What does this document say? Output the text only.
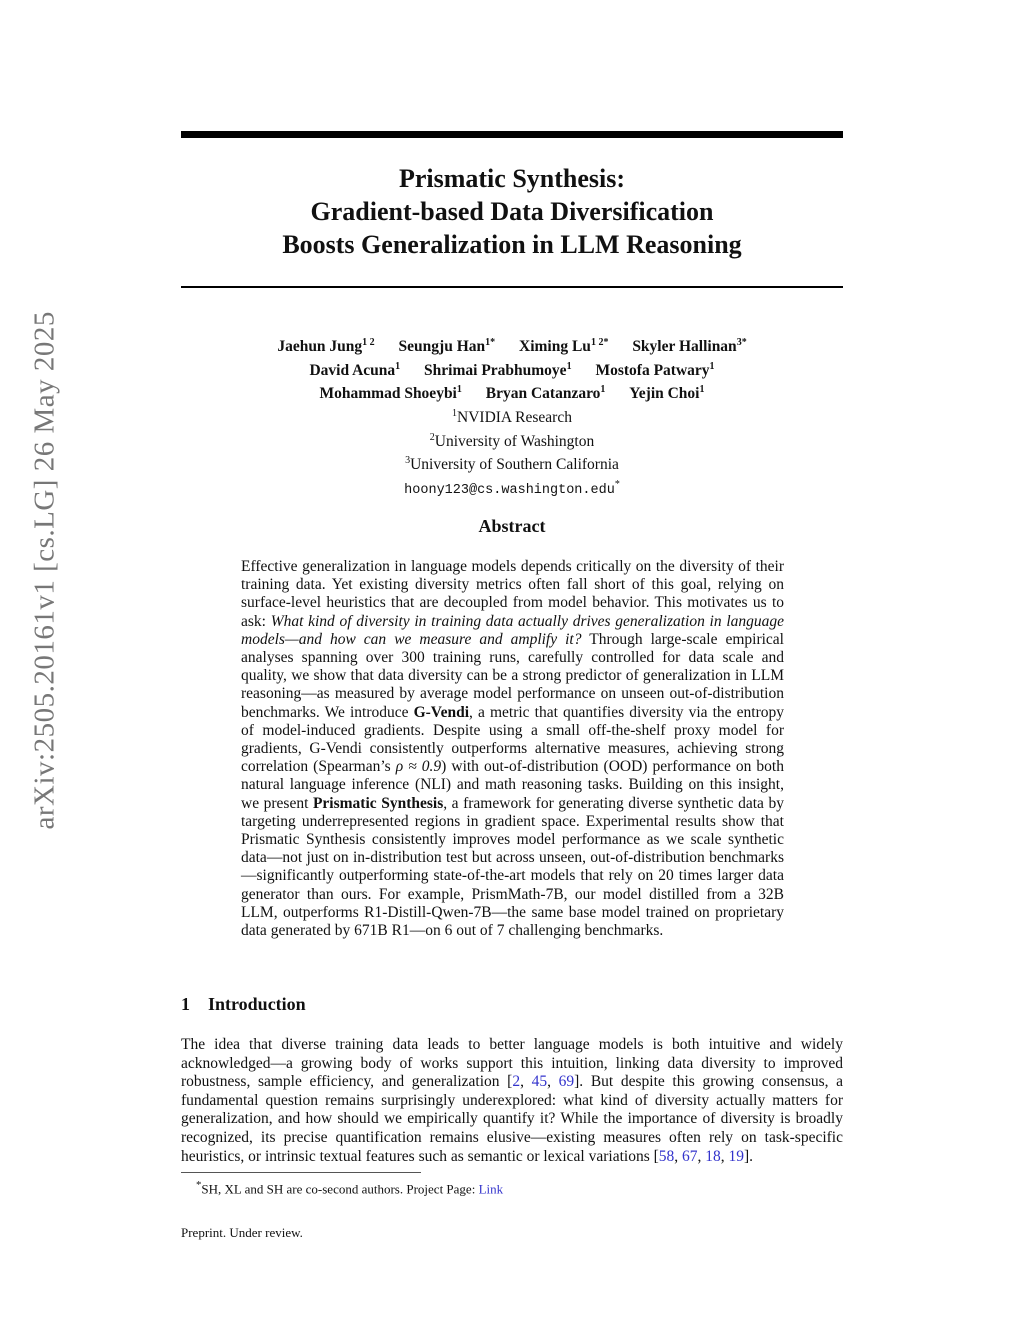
arXiv:2505.20161v1 [cs.LG] 26 May 2025
Prismatic Synthesis:
Gradient-based Data Diversification
Boosts Generalization in LLM Reasoning
Jaehun Jung$^{1 2}$ Seungju Han$^{1*}$ Ximing $Lu^{1 2*}$ Skyler Hallinan$^{3*}$
David Acuna$^1$ Shrimai Prabhumoye$^1$ Mostofa Patwary$^1$
Mohammad Shoeybi$^1$ Bryan Catanzaro$^1$ Yejin Choi$^1$
$^1$NVIDIA Research
$^2$University of Washington
$^3$University of Southern California
hoony123@cs.washington.edu*
Abstract
Effective generalization in language models depends critically on the diversity of their training data. Yet existing diversity metrics often fall short of this goal, relying on surface-level heuristics that are decoupled from model behavior. This motivates us to ask: What kind of diversity in training data actually drives generalization in language models—and how can we measure and amplify it? Through large-scale empirical analyses spanning over 300 training runs, carefully controlled for data scale and quality, we show that data diversity can be a strong predictor of generalization in LLM reasoning—as measured by average model performance on unseen out-of-distribution benchmarks. We introduce G-Vendi, a metric that quantifies diversity via the entropy of model-induced gradients. Despite using a small off-the-shelf proxy model for gradients, G-Vendi consistently outperforms alternative measures, achieving strong correlation (Spearman’s ρ ≈ 0.9) with out-of-distribution (OOD) performance on both natural language inference (NLI) and math reasoning tasks. Building on this insight, we present Prismatic Synthesis, a framework for generating diverse synthetic data by targeting underrepresented regions in gradient space. Experimental results show that Prismatic Synthesis consistently improves model performance as we scale synthetic data—not just on in-distribution test but across unseen, out-of-distribution benchmarks—significantly outperforming state-of-the-art models that rely on 20 times larger data generator than ours. For example, PrismMath-7B, our model distilled from a 32B LLM, outperforms R1-Distill-Qwen-7B—the same base model trained on proprietary data generated by 671B R1—on 6 out of 7 challenging benchmarks.
1 Introduction
The idea that diverse training data leads to better language models is both intuitive and widely acknowledged—a growing body of works support this intuition, linking data diversity to improved robustness, sample efficiency, and generalization [2, 45, 69]. But despite this growing consensus, a fundamental question remains surprisingly underexplored: what kind of diversity actually matters for generalization, and how should we empirically quantify it? While the importance of diversity is broadly recognized, its precise quantification remains elusive—existing measures often rely on task-specific heuristics, or intrinsic textual features such as semantic or lexical variations [58, 67, 18, 19].
*SH, XL and SH are co-second authors. Project Page: Link
Preprint. Under review.
